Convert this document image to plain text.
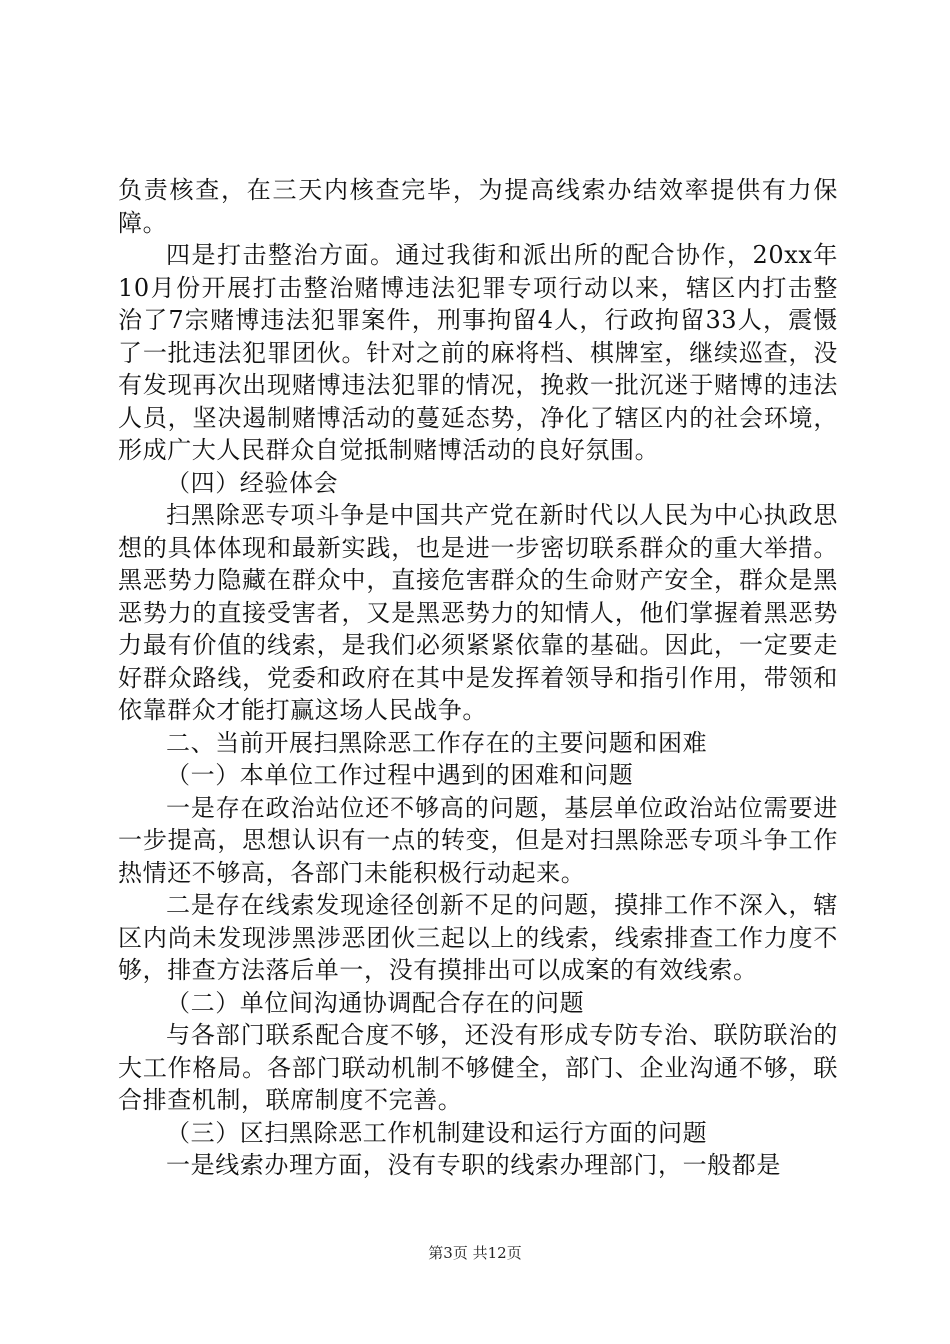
负责核查，在三天内核查完毕，为提高线索办结效率提供有力保障。

四是打击整治方面。通过我街和派出所的配合协作，20xx年10月份开展打击整治赌博违法犯罪专项行动以来，辖区内打击整治了7宗赌博违法犯罪案件，刑事拘留4人，行政拘留33人，震慑了一批违法犯罪团伙。针对之前的麻将档、棋牌室，继续巡查，没有发现再次出现赌博违法犯罪的情况，挽救一批沉迷于赌博的违法人员，坚决遏制赌博活动的蔓延态势，净化了辖区内的社会环境，形成广大人民群众自觉抵制赌博活动的良好氛围。

（四）经验体会

扫黑除恶专项斗争是中国共产党在新时代以人民为中心执政思想的具体体现和最新实践，也是进一步密切联系群众的重大举措。黑恶势力隐藏在群众中，直接危害群众的生命财产安全，群众是黑恶势力的直接受害者，又是黑恶势力的知情人，他们掌握着黑恶势力最有价值的线索，是我们必须紧紧依靠的基础。因此，一定要走好群众路线，党委和政府在其中是发挥着领导和指引作用，带领和依靠群众才能打赢这场人民战争。

二、当前开展扫黑除恶工作存在的主要问题和困难

（一）本单位工作过程中遇到的困难和问题

一是存在政治站位还不够高的问题，基层单位政治站位需要进一步提高，思想认识有一点的转变，但是对扫黑除恶专项斗争工作热情还不够高，各部门未能积极行动起来。

二是存在线索发现途径创新不足的问题，摸排工作不深入，辖区内尚未发现涉黑涉恶团伙三起以上的线索，线索排查工作力度不够，排查方法落后单一，没有摸排出可以成案的有效线索。

（二）单位间沟通协调配合存在的问题

与各部门联系配合度不够，还没有形成专防专治、联防联治的大工作格局。各部门联动机制不够健全，部门、企业沟通不够，联合排查机制，联席制度不完善。

（三）区扫黑除恶工作机制建设和运行方面的问题

一是线索办理方面，没有专职的线索办理部门，一般都是

第3页 共12页
